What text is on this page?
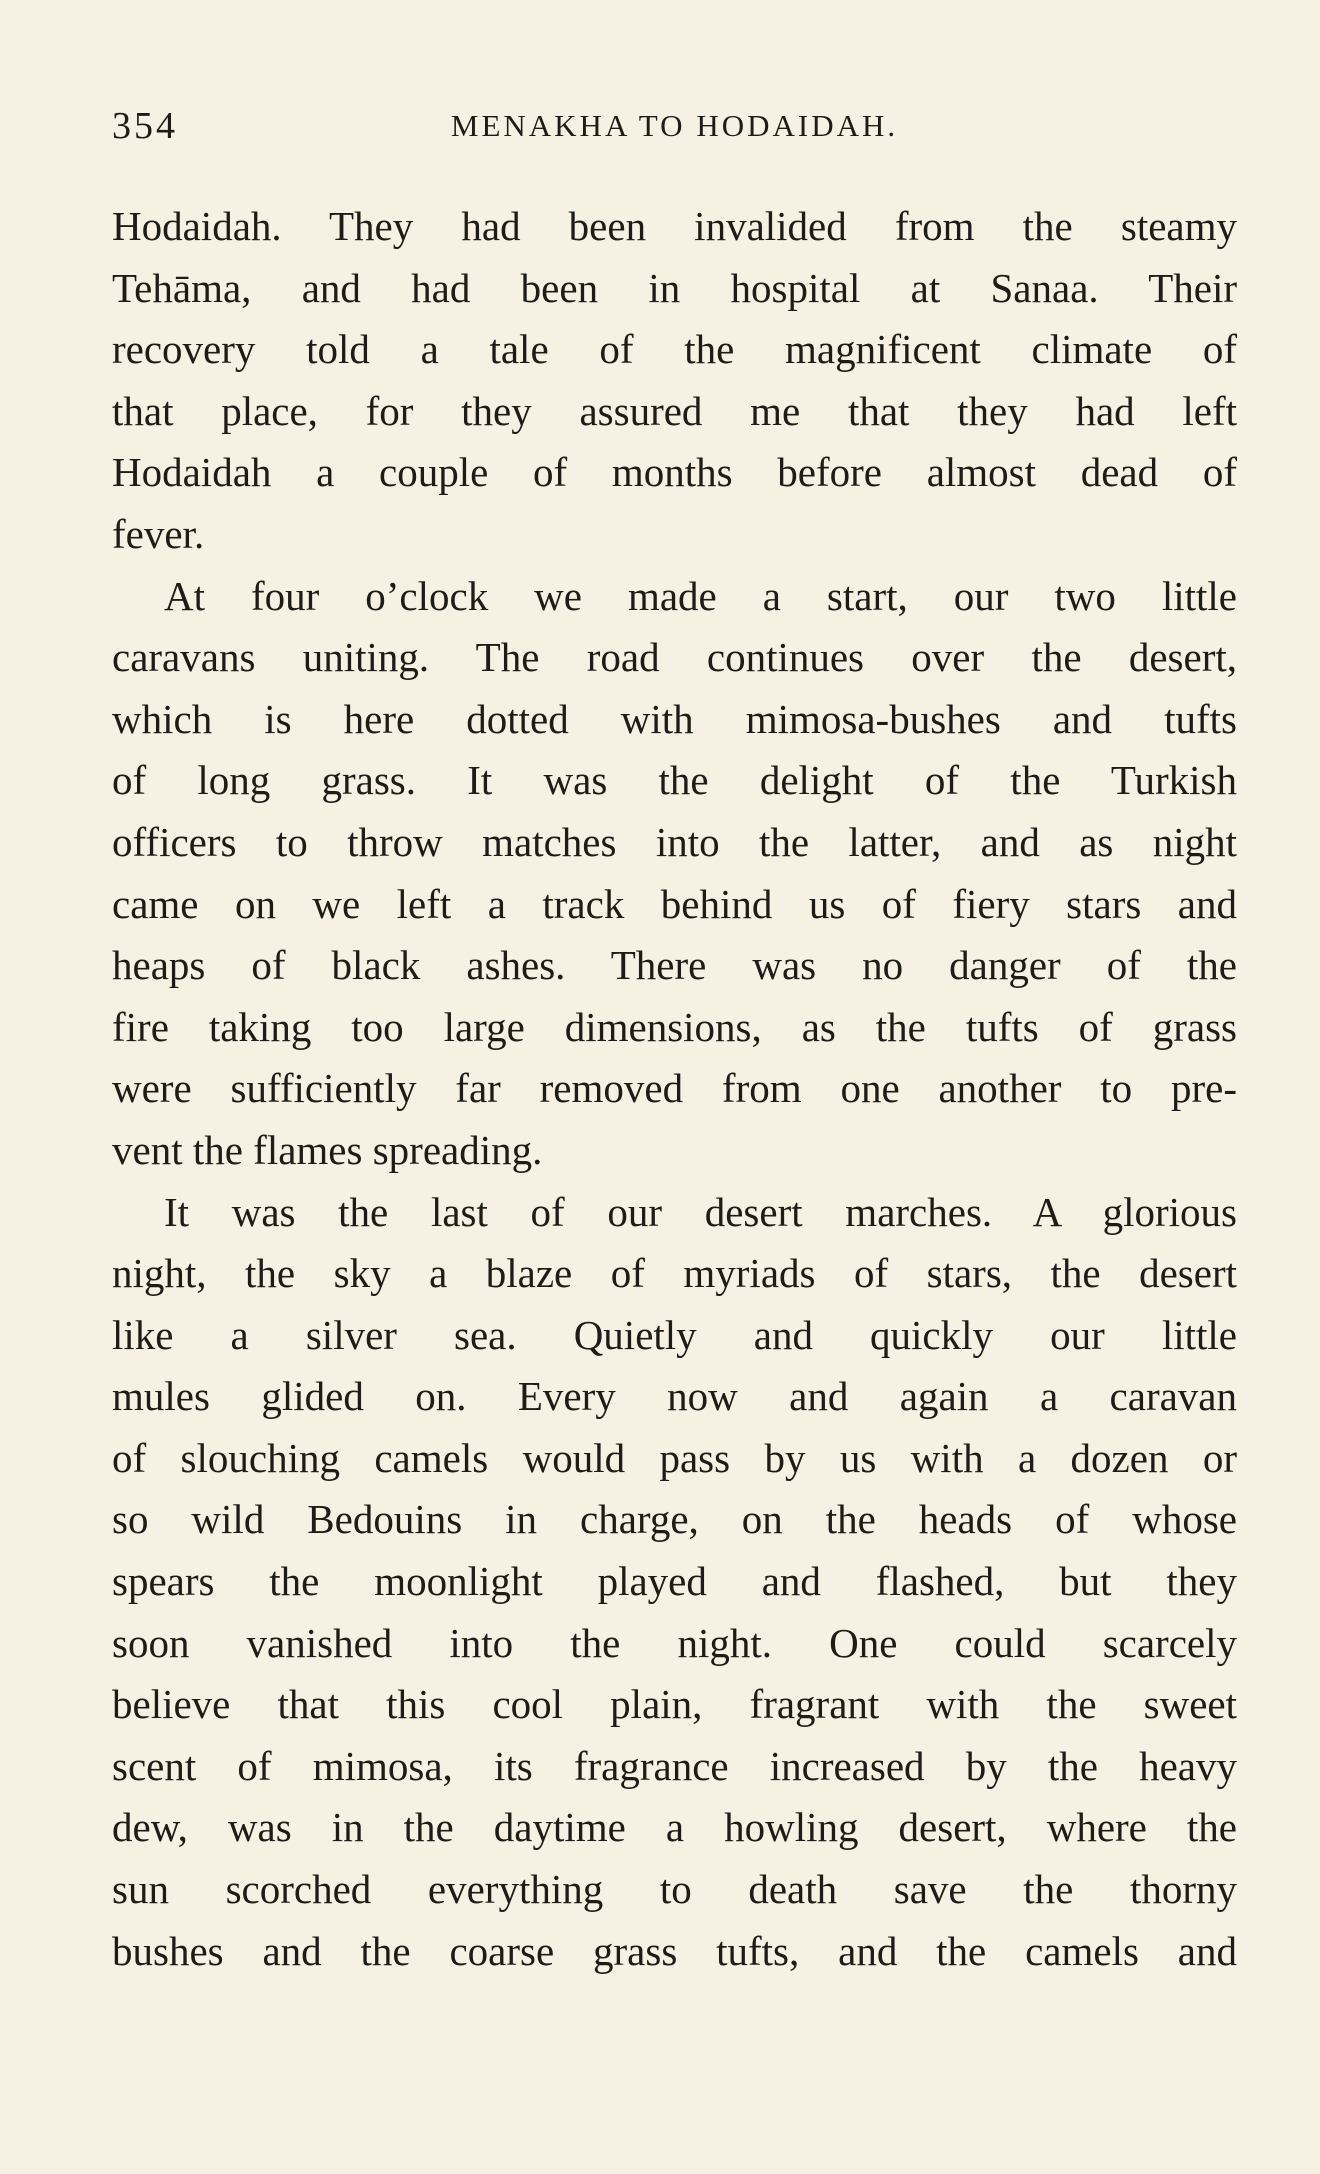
354	MENAKHA TO HODAIDAH.
Hodaidah. They had been invalided from the steamy
Tehāma, and had been in hospital at Sanaa. Their
recovery told a tale of the magnificent climate of
that place, for they assured me that they had left
Hodaidah a couple of months before almost dead of
fever.
At four o’clock we made a start, our two little
caravans uniting. The road continues over the desert,
which is here dotted with mimosa-bushes and tufts
of long grass. It was the delight of the Turkish
officers to throw matches into the latter, and as night
came on we left a track behind us of fiery stars and
heaps of black ashes. There was no danger of the
fire taking too large dimensions, as the tufts of grass
were sufficiently far removed from one another to pre-
vent the flames spreading.
It was the last of our desert marches. A glorious
night, the sky a blaze of myriads of stars, the desert
like a silver sea. Quietly and quickly our little
mules glided on. Every now and again a caravan
of slouching camels would pass by us with a dozen or
so wild Bedouins in charge, on the heads of whose
spears the moonlight played and flashed, but they
soon vanished into the night. One could scarcely
believe that this cool plain, fragrant with the sweet
scent of mimosa, its fragrance increased by the heavy
dew, was in the daytime a howling desert, where the
sun scorched everything to death save the thorny
bushes and the coarse grass tufts, and the camels and
